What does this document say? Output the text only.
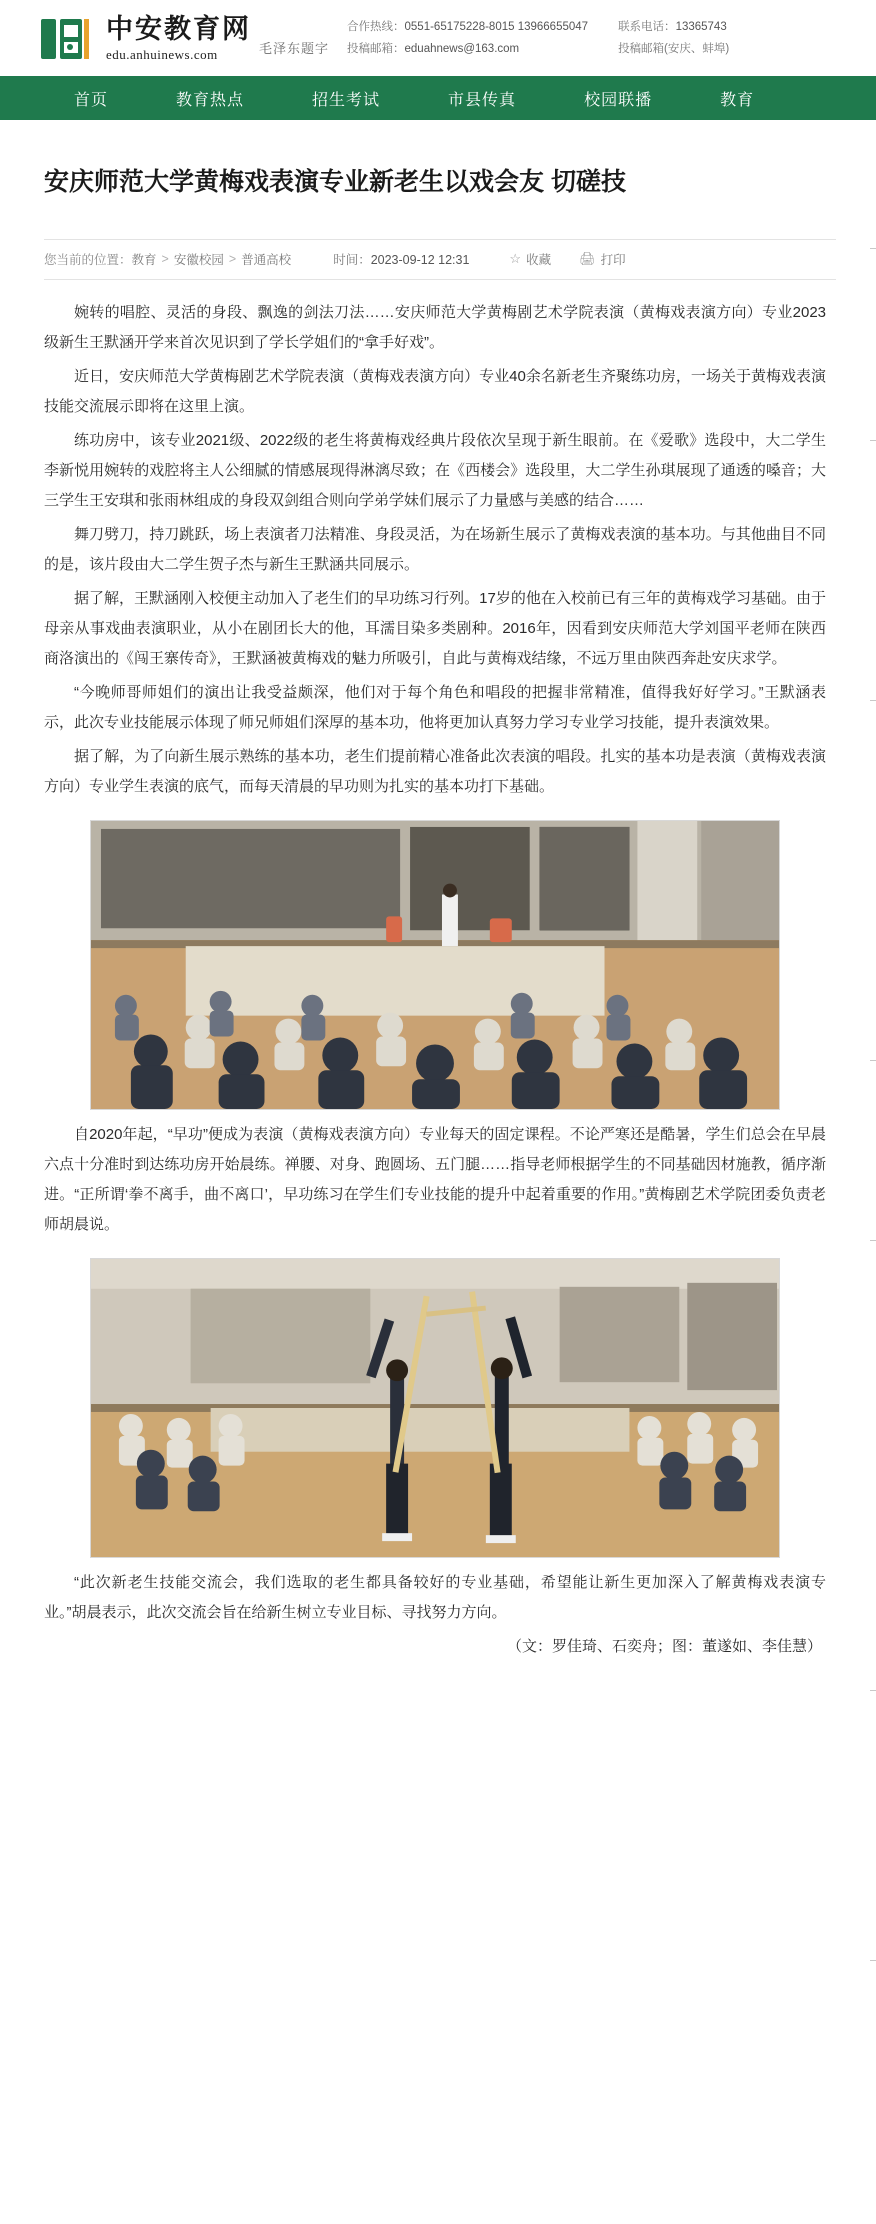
中安教育网
edu.anhuinews.com	毛泽东题字
合作热线：0551-65175228-8015 13966655047
投稿邮箱：eduahnews@163.com
联系电话：13365743
投稿邮箱(安庆、蚌埠)
首页	教育热点	招生考试	市县传真	校园联播	教育
安庆师范大学黄梅戏表演专业新老生以戏会友 切磋技
您当前的位置： 教育 > 安徽校园 > 普通高校	时间：2023-09-12 12:31	☆ 收藏 🖨 打印

婉转的唱腔、灵活的身段、飘逸的剑法刀法……安庆师范大学黄梅剧艺术学院表演（黄梅戏表演方向）专业2023级新生王默涵开学来首次见识到了学长学姐们的“拿手好戏”。

近日，安庆师范大学黄梅剧艺术学院表演（黄梅戏表演方向）专业40余名新老生齐聚练功房，一场关于黄梅戏表演技能交流展示即将在这里上演。

练功房中，该专业2021级、2022级的老生将黄梅戏经典片段依次呈现于新生眼前。在《爱歌》选段中，大二学生李新悦用婉转的戏腔将主人公细腻的情感展现得淋漓尽致；在《西楼会》选段里，大二学生孙琪展现了通透的嗓音；大三学生王安琪和张雨林组成的身段双剑组合则向学弟学妹们展示了力量感与美感的结合……

舞刀劈刀，持刀跳跃，场上表演者刀法精准、身段灵活，为在场新生展示了黄梅戏表演的基本功。与其他曲目不同的是，该片段由大二学生贺子杰与新生王默涵共同展示。

据了解，王默涵刚入校便主动加入了老生们的早功练习行列。17岁的他在入校前已有三年的黄梅戏学习基础。由于母亲从事戏曲表演职业，从小在剧团长大的他，耳濡目染多类剧种。2016年，因看到安庆师范大学刘国平老师在陕西商洛演出的《闯王寨传奇》，王默涵被黄梅戏的魅力所吸引，自此与黄梅戏结缘，不远万里由陕西奔赴安庆求学。

“今晚师哥师姐们的演出让我受益颇深，他们对于每个角色和唱段的把握非常精准，值得我好好学习。”王默涵表示，此次专业技能展示体现了师兄师姐们深厚的基本功，他将更加认真努力学习专业学习技能，提升表演效果。

据了解，为了向新生展示熟练的基本功，老生们提前精心准备此次表演的唱段。扎实的基本功是表演（黄梅戏表演方向）专业学生表演的底气，而每天清晨的早功则为扎实的基本功打下基础。

自2020年起，“早功”便成为表演（黄梅戏表演方向）专业每天的固定课程。不论严寒还是酷暑，学生们总会在早晨六点十分准时到达练功房开始晨练。禅腰、对身、跑圆场、五门腿……指导老师根据学生的不同基础因材施教，循序渐进。“正所谓‘拳不离手，曲不离口’，早功练习在学生们专业技能的提升中起着重要的作用。”黄梅剧艺术学院团委负责老师胡晨说。

“此次新老生技能交流会，我们选取的老生都具备较好的专业基础，希望能让新生更加深入了解黄梅戏表演专业。”胡晨表示，此次交流会旨在给新生树立专业目标、寻找努力方向。

（文：罗佳琦、石奕舟；图：董遂如、李佳慧）
